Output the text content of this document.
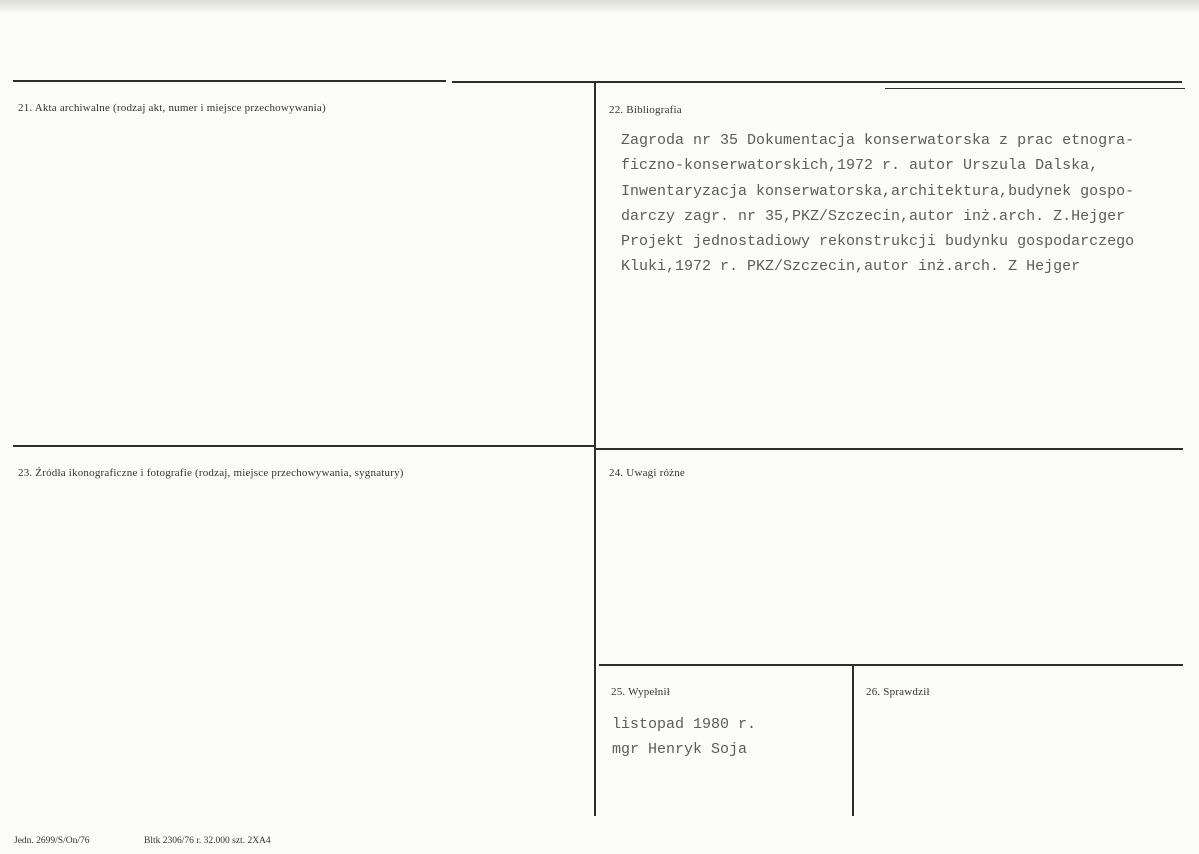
21. Akta archiwalne (rodzaj akt, numer i miejsce przechowywania)	22. Bibliografia
23. Źródła ikonograficzne i fotografie (rodzaj, miejsce przechowywania, sygnatury)	24. Uwagi różne
25. Wypełnił	26. Sprawdził
Zagroda nr 35 Dokumentacja konserwatorska z prac etnogra-
ficzno-konserwatorskich,1972 r. autor Urszula Dalska,
Inwentaryzacja konserwatorska,architektura,budynek gospo-
darczy zagr. nr 35,PKZ/Szczecin,autor inż.arch. Z.Hejger
Projekt jednostadiowy rekonstrukcji budynku gospodarczego
Kluki,1972 r. PKZ/Szczecin,autor inż.arch. Z Hejger
listopad 1980 r.
mgr Henryk Soja
Jedn. 2699/S/On/76	Bltk 2306/76 r. 32.000 szt. 2XA4
